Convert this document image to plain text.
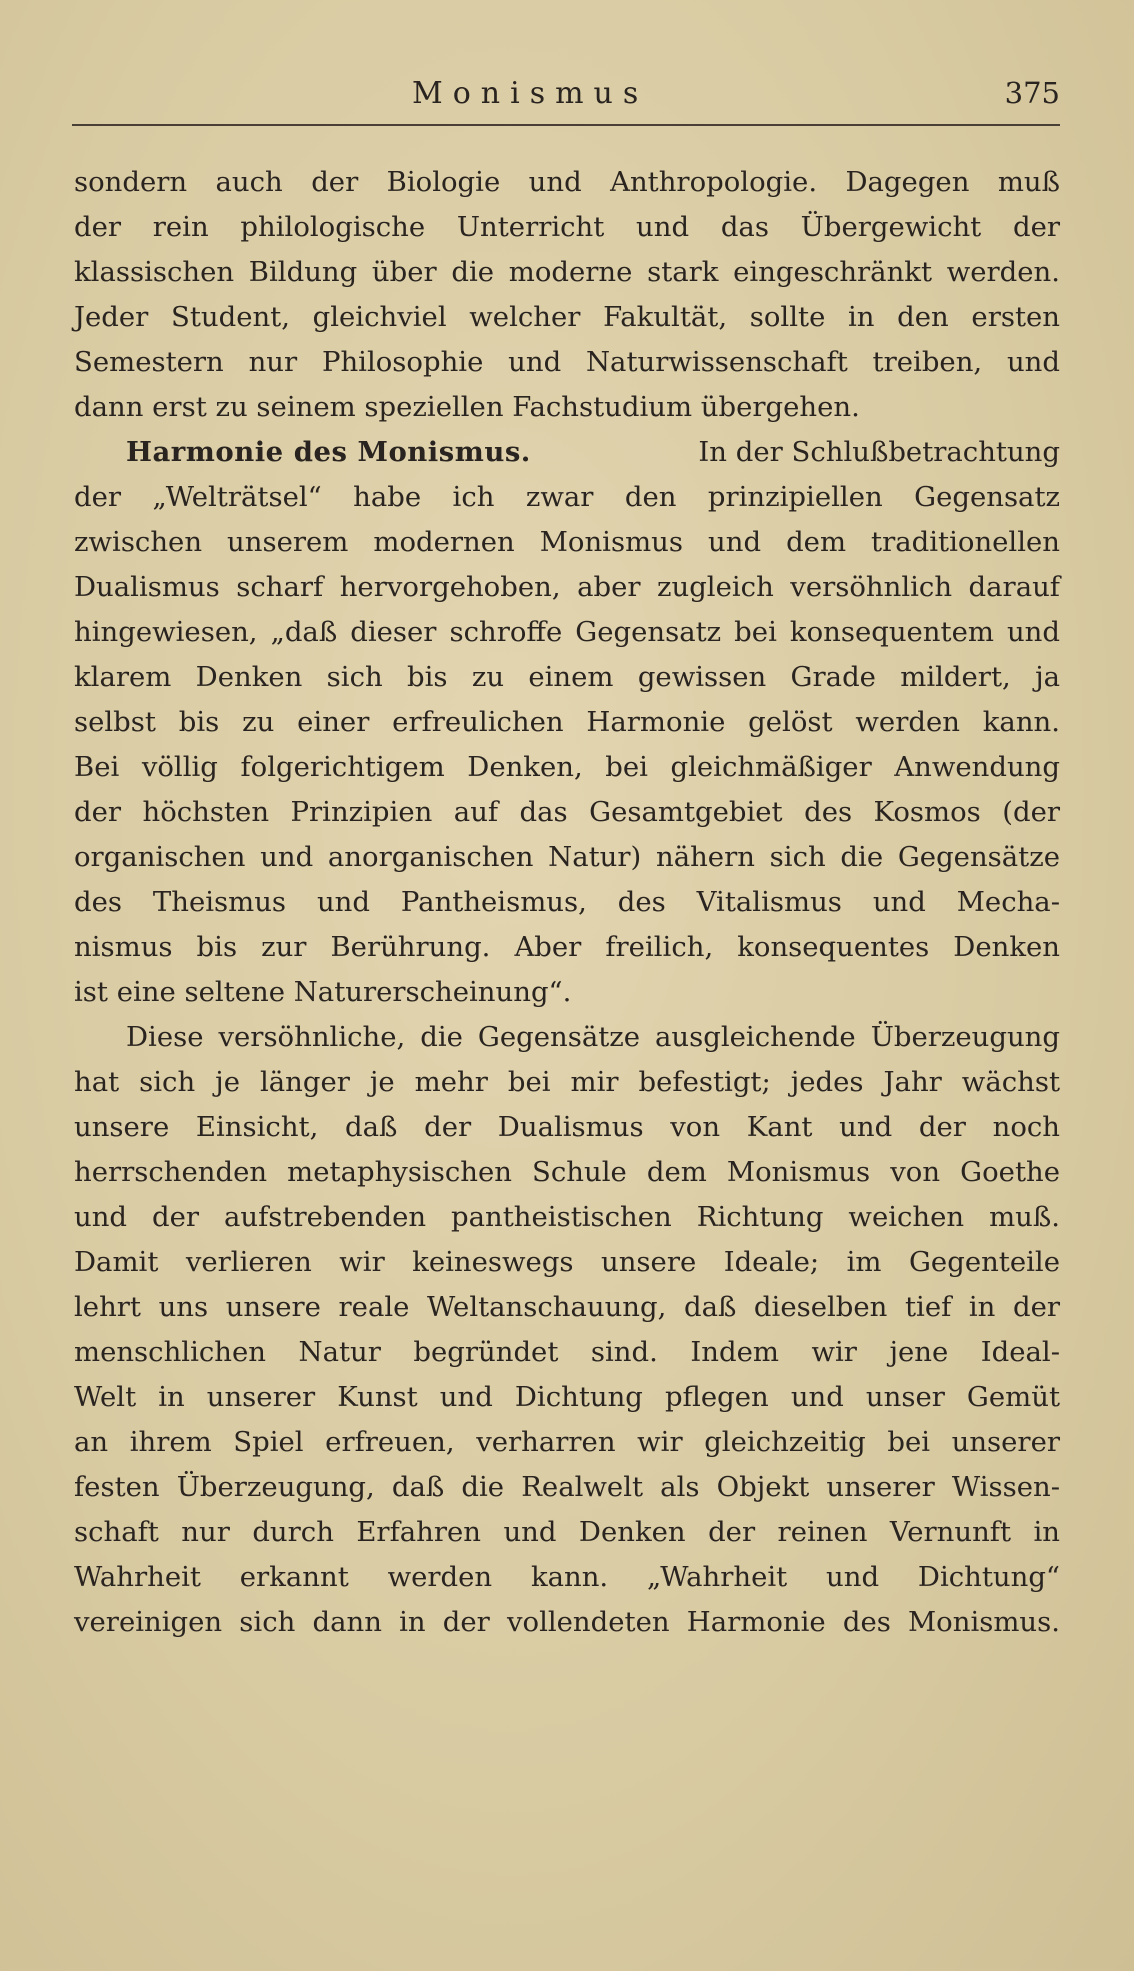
Monismus	375
sondern auch der Biologie und Anthropologie. Dagegen muß
der rein philologische Unterricht und das Übergewicht der
klassischen Bildung über die moderne stark eingeschränkt werden.
Jeder Student, gleichviel welcher Fakultät, sollte in den ersten
Semestern nur Philosophie und Naturwissenschaft treiben, und
dann erst zu seinem speziellen Fachstudium übergehen.
Harmonie des Monismus.	In der Schlußbetrachtung
der „Welträtsel“ habe ich zwar den prinzipiellen Gegensatz
zwischen unserem modernen Monismus und dem traditionellen
Dualismus scharf hervorgehoben, aber zugleich versöhnlich darauf
hingewiesen, „daß dieser schroffe Gegensatz bei konsequentem und
klarem Denken sich bis zu einem gewissen Grade mildert, ja
selbst bis zu einer erfreulichen Harmonie gelöst werden kann.
Bei völlig folgerichtigem Denken, bei gleichmäßiger Anwendung
der höchsten Prinzipien auf das Gesamtgebiet des Kosmos (der
organischen und anorganischen Natur) nähern sich die Gegensätze
des Theismus und Pantheismus, des Vitalismus und Mecha-
nismus bis zur Berührung. Aber freilich, konsequentes Denken
ist eine seltene Naturerscheinung“.
Diese versöhnliche, die Gegensätze ausgleichende Überzeugung
hat sich je länger je mehr bei mir befestigt; jedes Jahr wächst
unsere Einsicht, daß der Dualismus von Kant und der noch
herrschenden metaphysischen Schule dem Monismus von Goethe
und der aufstrebenden pantheistischen Richtung weichen muß.
Damit verlieren wir keineswegs unsere Ideale; im Gegenteile
lehrt uns unsere reale Weltanschauung, daß dieselben tief in der
menschlichen Natur begründet sind. Indem wir jene Ideal-
Welt in unserer Kunst und Dichtung pflegen und unser Gemüt
an ihrem Spiel erfreuen, verharren wir gleichzeitig bei unserer
festen Überzeugung, daß die Realwelt als Objekt unserer Wissen-
schaft nur durch Erfahren und Denken der reinen Vernunft in
Wahrheit erkannt werden kann. „Wahrheit und Dichtung“
vereinigen sich dann in der vollendeten Harmonie des Monismus.
